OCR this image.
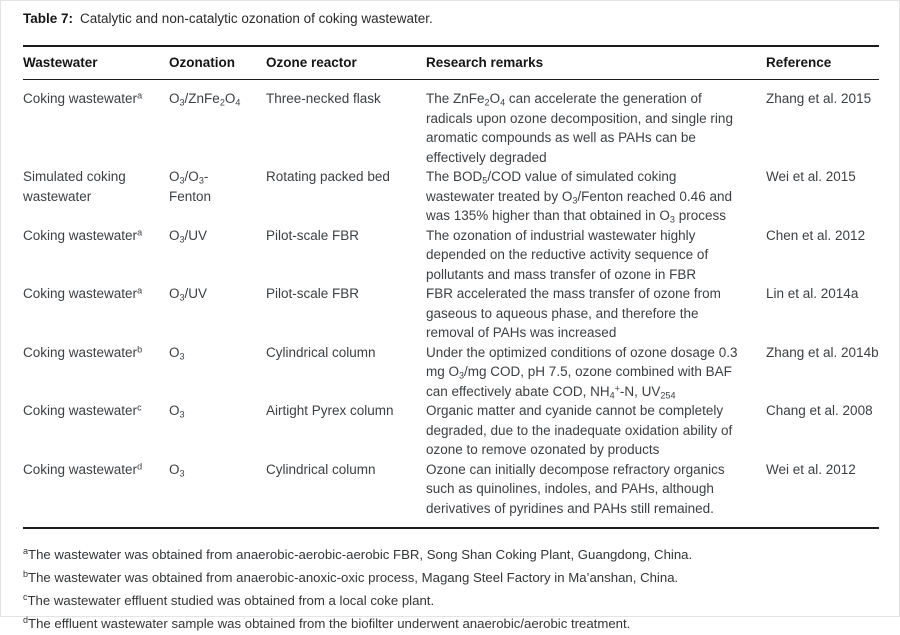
Table 7: Catalytic and non-catalytic ozonation of coking wastewater.

Wastewater	Ozonation	Ozone reactor	Research remarks	Reference
Coking wastewater$^a$	$O_3/ZnFe_2O_4$	Three-necked flask	The $ZnFe_2O_4$ can accelerate the generation of radicals upon ozone decomposition, and single ring aromatic compounds as well as PAHs can be effectively degraded	Zhang et al. 2015
Simulated coking wastewater	$O_3/O_3$-Fenton	Rotating packed bed	The $BOD_5$/COD value of simulated coking wastewater treated by $O_3$/Fenton reached 0.46 and was 135% higher than that obtained in $O_3$ process	Wei et al. 2015
Coking wastewater$^a$	$O_3/UV$	Pilot-scale FBR	The ozonation of industrial wastewater highly depended on the reductive activity sequence of pollutants and mass transfer of ozone in FBR	Chen et al. 2012
Coking wastewater$^a$	$O_3/UV$	Pilot-scale FBR	FBR accelerated the mass transfer of ozone from gaseous to aqueous phase, and therefore the removal of PAHs was increased	Lin et al. 2014a
Coking wastewater$^b$	$O_3$	Cylindrical column	Under the optimized conditions of ozone dosage 0.3 mg $O_3/mg$ COD, pH 7.5, ozone combined with BAF can effectively abate COD, $NH_4^+-N$, $UV_{254}$	Zhang et al. 2014b
Coking wastewater$^c$	$O_3$	Airtight Pyrex column	Organic matter and cyanide cannot be completely degraded, due to the inadequate oxidation ability of ozone to remove ozonated by products	Chang et al. 2008
Coking wastewater$^d$	$O_3$	Cylindrical column	Ozone can initially decompose refractory organics such as quinolines, indoles, and PAHs, although derivatives of pyridines and PAHs still remained.	Wei et al. 2012

$^a$The wastewater was obtained from anaerobic-aerobic-aerobic FBR, Song Shan Coking Plant, Guangdong, China.

$^b$The wastewater was obtained from anaerobic-anoxic-oxic process, Magang Steel Factory in Ma’anshan, China.

$^c$The wastewater effluent studied was obtained from a local coke plant.

$^d$The effluent wastewater sample was obtained from the biofilter underwent anaerobic/aerobic treatment.
